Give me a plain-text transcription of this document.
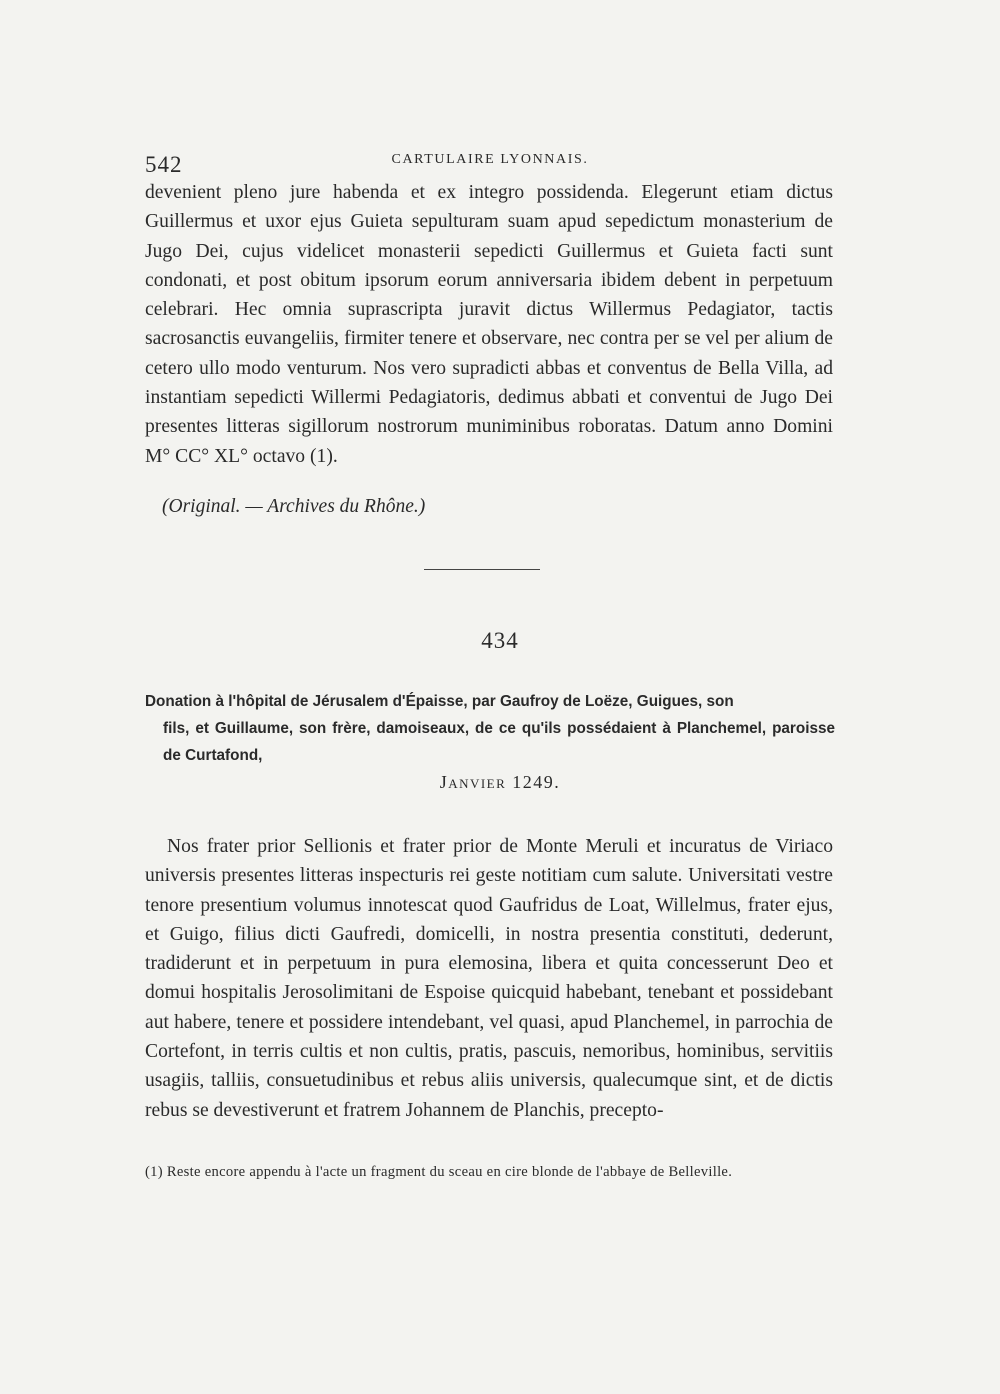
542	CARTULAIRE LYONNAIS.

devenient pleno jure habenda et ex integro possidenda. Elegerunt etiam dictus Guillermus et uxor ejus Guieta sepulturam suam apud sepedictum monasterium de Jugo Dei, cujus videlicet monasterii sepedicti Guillermus et Guieta facti sunt condonati, et post obitum ipsorum eorum anniversaria ibidem debent in perpetuum celebrari. Hec omnia suprascripta juravit dictus Willermus Pedagiator, tactis sacrosanctis euvangeliis, firmiter tenere et observare, nec contra per se vel per alium de cetero ullo modo venturum. Nos vero supradicti abbas et conventus de Bella Villa, ad instantiam sepedicti Willermi Pedagiatoris, dedimus abbati et conventui de Jugo Dei presentes litteras sigillorum nostrorum muniminibus roboratas. Datum anno Domini M° CC° XL° octavo (1).

(Original. — Archives du Rhône.)
434
Donation à l'hôpital de Jérusalem d'Épaisse, par Gaufroy de Loëze, Guigues, son
fils, et Guillaume, son frère, damoiseaux, de ce qu'ils possédaient à Planchemel, paroisse de Curtafond,
Janvier 1249.

Nos frater prior Sellionis et frater prior de Monte Meruli et incuratus de Viriaco universis presentes litteras inspecturis rei geste notitiam cum salute. Universitati vestre tenore presentium volumus innotescat quod Gaufridus de Loat, Willelmus, frater ejus, et Guigo, filius dicti Gaufredi, domicelli, in nostra presentia constituti, dederunt, tradiderunt et in perpetuum in pura elemosina, libera et quita concesserunt Deo et domui hospitalis Jerosolimitani de Espoise quicquid habebant, tenebant et possidebant aut habere, tenere et possidere intendebant, vel quasi, apud Planchemel, in parrochia de Cortefont, in terris cultis et non cultis, pratis, pascuis, nemoribus, hominibus, servitiis usagiis, talliis, consuetudinibus et rebus aliis universis, qualecumque sint, et de dictis rebus se devestiverunt et fratrem Johannem de Planchis, precepto-

(1) Reste encore appendu à l'acte un fragment du sceau en cire blonde de l'abbaye de Belleville.
